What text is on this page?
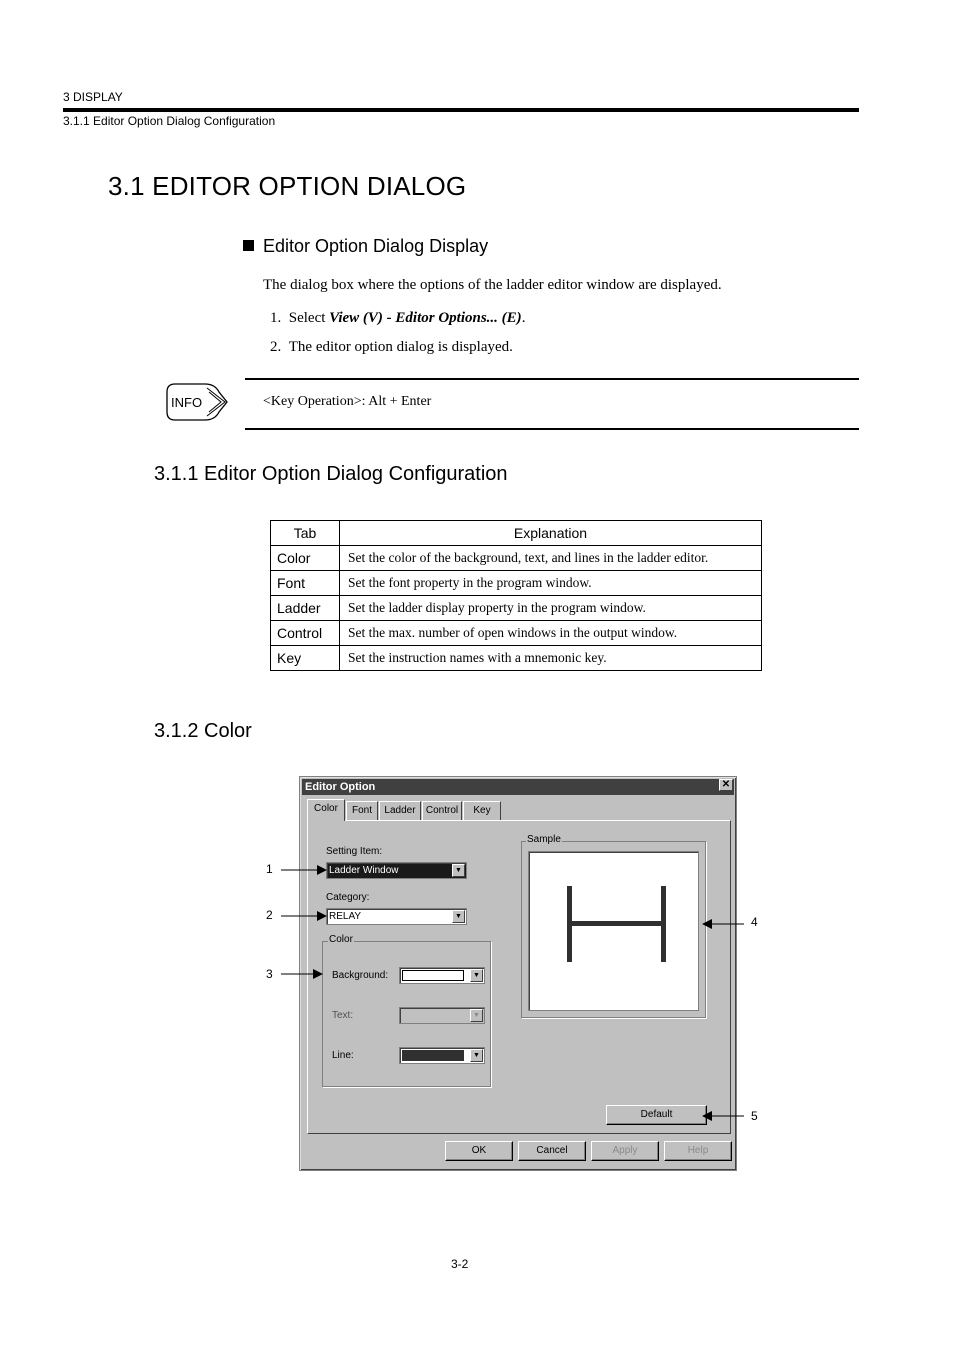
3 DISPLAY
3.1.1 Editor Option Dialog Configuration
3.1 EDITOR OPTION DIALOG
Editor Option Dialog Display
The dialog box where the options of the ladder editor window are displayed.
1. Select View (V) - Editor Options... (E).
2. The editor option dialog is displayed.
INFO	<Key Operation>: Alt + Enter
3.1.1 Editor Option Dialog Configuration
Tab	Explanation
Color	Set the color of the background, text, and lines in the ladder editor.
Font	Set the font property in the program window.
Ladder	Set the ladder display property in the program window.
Control	Set the max. number of open windows in the output window.
Key	Set the instruction names with a mnemonic key.
3.1.2 Color
Editor Option	✕
Color	Font	Ladder	Control	Key
Setting Item:
Ladder Window	▼
Category:
RELAY	▼
Color
Background:	▼
Text:	▼
Line:	▼
Sample
Default
OK	Cancel	Apply	Help
1
2
3
4
5
3-2
